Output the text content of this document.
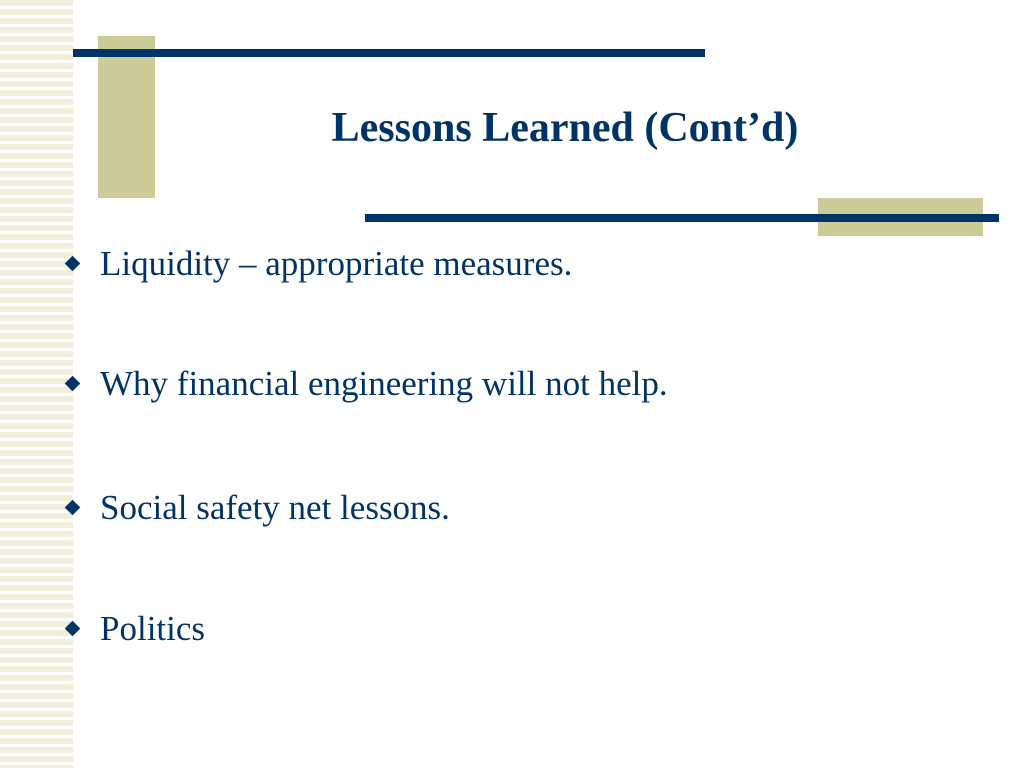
Lessons Learned (Cont’d)
Liquidity – appropriate measures.
Why financial engineering will not help.
Social safety net lessons.
Politics
